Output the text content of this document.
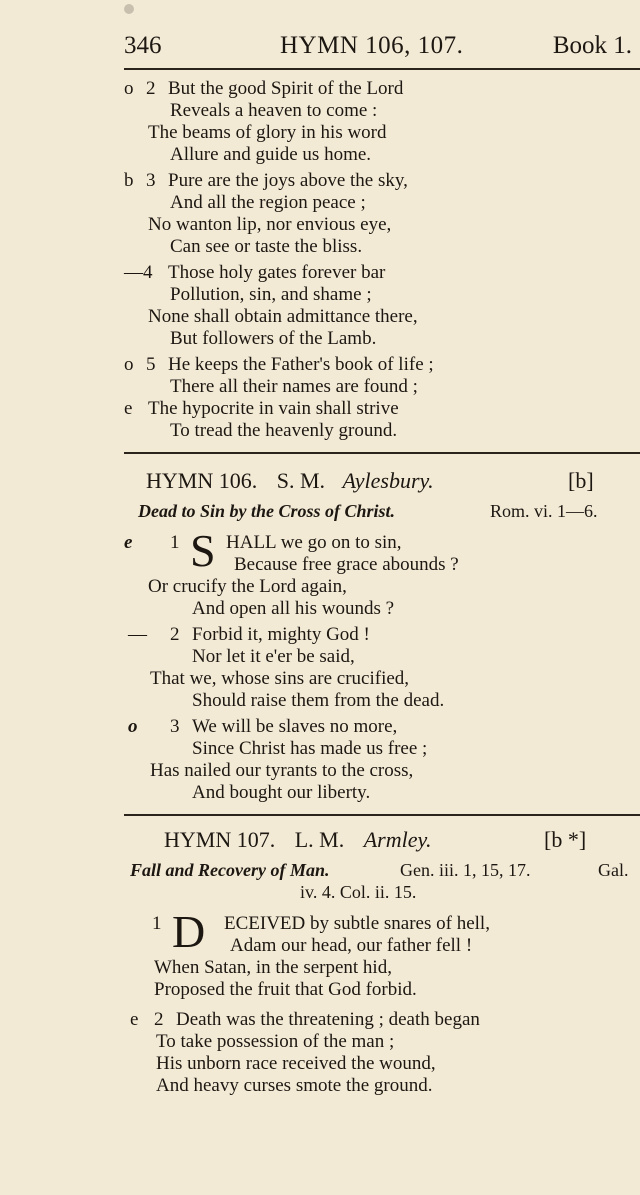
346	HYMN 106, 107.	Book 1.
o 2 But the good Spirit of the Lord
Reveals a heaven to come :
The beams of glory in his word
Allure and guide us home.
b 3 Pure are the joys above the sky,
And all the region peace ;
No wanton lip, nor envious eye,
Can see or taste the bliss.
—4 Those holy gates forever bar
Pollution, sin, and shame ;
None shall obtain admittance there,
But followers of the Lamb.
o 5 He keeps the Father's book of life ;
There all their names are found ;
e The hypocrite in vain shall strive
To tread the heavenly ground.
HYMN 106. S. M. Aylesbury.	[b]
Dead to Sin by the Cross of Christ.	Rom. vi. 1—6.
e 1 S HALL we go on to sin,
Because free grace abounds ?
Or crucify the Lord again,
And open all his wounds ?
— 2 Forbid it, mighty God !
Nor let it e'er be said,
That we, whose sins are crucified,
Should raise them from the dead.
o 3 We will be slaves no more,
Since Christ has made us free ;
Has nailed our tyrants to the cross,
And bought our liberty.
HYMN 107. L. M. Armley.	[b *]
Fall and Recovery of Man.	Gen. iii. 1, 15, 17.	Gal.
iv. 4. Col. ii. 15.
1 D ECEIVED by subtle snares of hell,
Adam our head, our father fell !
When Satan, in the serpent hid,
Proposed the fruit that God forbid.
e 2 Death was the threatening ; death began
To take possession of the man ;
His unborn race received the wound,
And heavy curses smote the ground.
